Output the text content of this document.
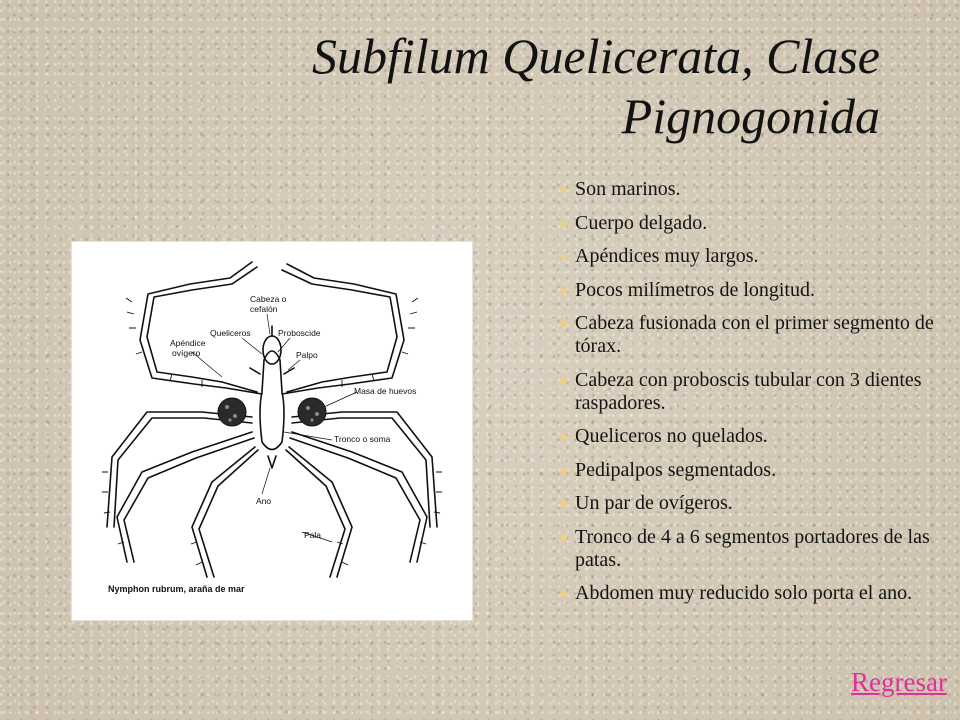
Subfilum Quelicerata, Clase
Pignogonida
Cabeza o
cefalón
Queliceros	Proboscide
Apéndice
ovígero	Palpo
Masa de huevos
Tronco o soma
Ano
Pala
Nymphon rubrum, araña de mar
Son marinos.
Cuerpo delgado.
Apéndices muy largos.
Pocos milímetros de longitud.
Cabeza fusionada con el primer segmento de tórax.
Cabeza con proboscis tubular con 3 dientes raspadores.
Queliceros no quelados.
Pedipalpos segmentados.
Un par de ovígeros.
Tronco de 4 a 6 segmentos portadores de las patas.
Abdomen muy reducido solo porta el ano.
Regresar
